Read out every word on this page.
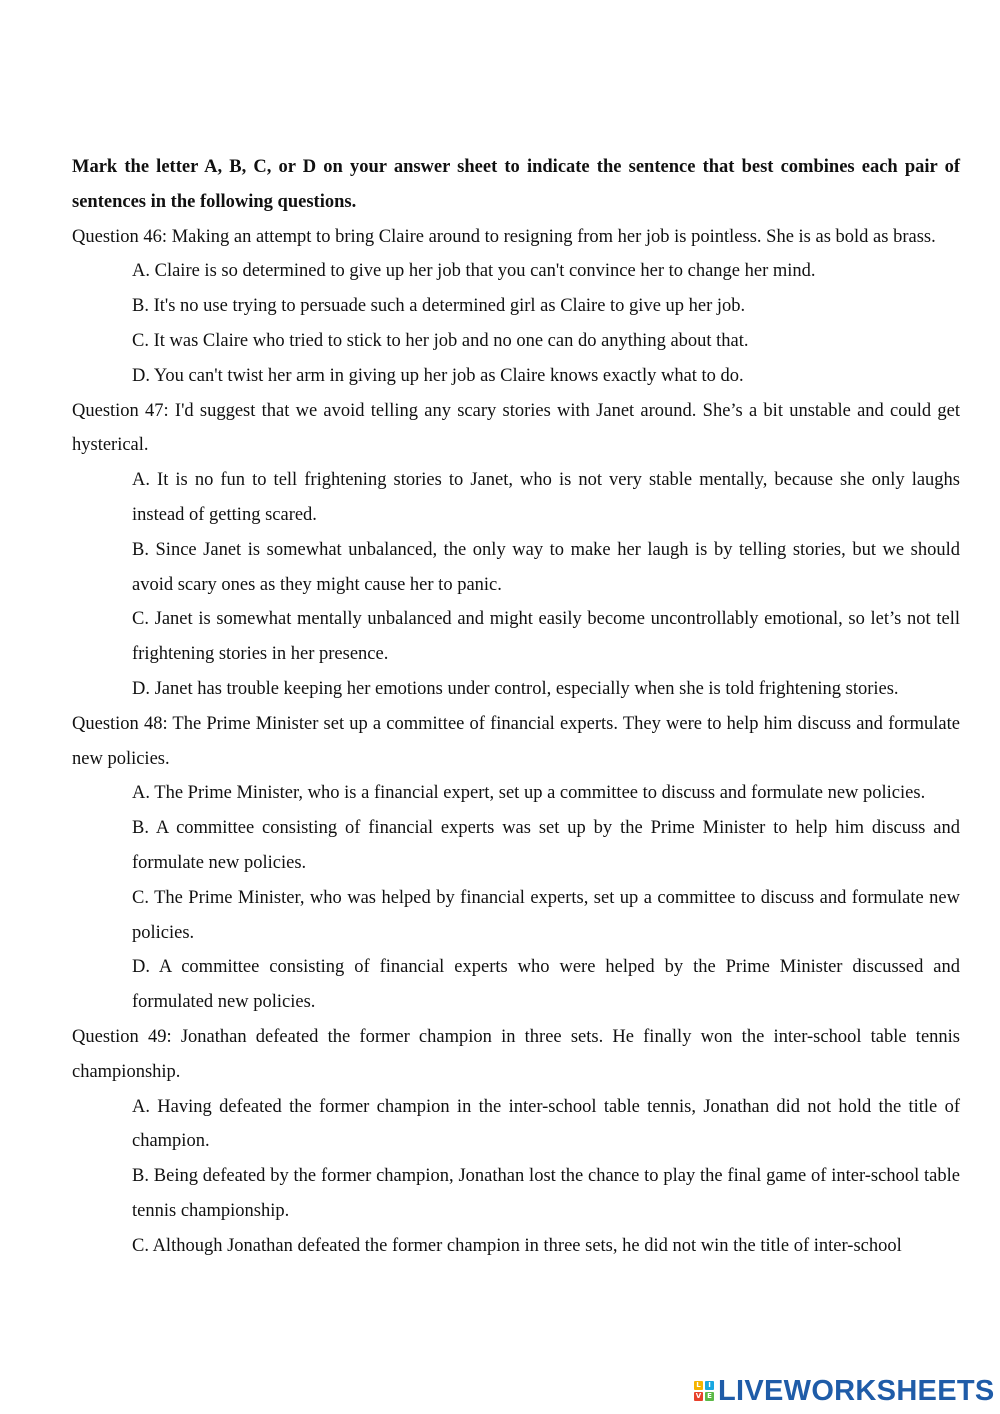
Mark the letter A, B, C, or D on your answer sheet to indicate the sentence that best combines each pair of sentences in the following questions.
Question 46: Making an attempt to bring Claire around to resigning from her job is pointless. She is as bold as brass.
A. Claire is so determined to give up her job that you can't convince her to change her mind.
B. It's no use trying to persuade such a determined girl as Claire to give up her job.
C. It was Claire who tried to stick to her job and no one can do anything about that.
D. You can't twist her arm in giving up her job as Claire knows exactly what to do.
Question 47: I'd suggest that we avoid telling any scary stories with Janet around. She’s a bit unstable and could get hysterical.
A. It is no fun to tell frightening stories to Janet, who is not very stable mentally, because she only laughs instead of getting scared.
B. Since Janet is somewhat unbalanced, the only way to make her laugh is by telling stories, but we should avoid scary ones as they might cause her to panic.
C. Janet is somewhat mentally unbalanced and might easily become uncontrollably emotional, so let’s not tell frightening stories in her presence.
D. Janet has trouble keeping her emotions under control, especially when she is told frightening stories.
Question 48: The Prime Minister set up a committee of financial experts. They were to help him discuss and formulate new policies.
A. The Prime Minister, who is a financial expert, set up a committee to discuss and formulate new policies.
B. A committee consisting of financial experts was set up by the Prime Minister to help him discuss and formulate new policies.
C. The Prime Minister, who was helped by financial experts, set up a committee to discuss and formulate new policies.
D. A committee consisting of financial experts who were helped by the Prime Minister discussed and formulated new policies.
Question 49: Jonathan defeated the former champion in three sets. He finally won the inter-school table tennis championship.
A. Having defeated the former champion in the inter-school table tennis, Jonathan did not hold the title of champion.
B. Being defeated by the former champion, Jonathan lost the chance to play the final game of inter-school table tennis championship.
C. Although Jonathan defeated the former champion in three sets, he did not win the title of inter-school
L	I
V E LIVEWORKSHEETS
